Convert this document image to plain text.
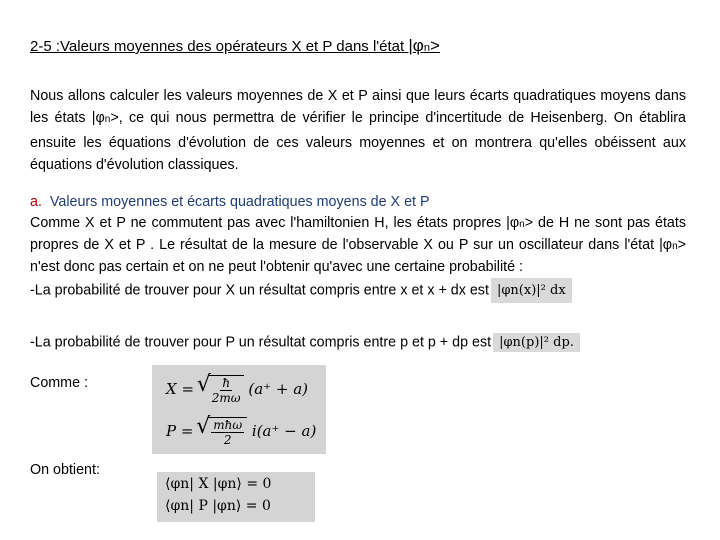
2-5 :Valeurs moyennes des opérateurs X et P dans l'état |φn>
Nous allons calculer les valeurs moyennes de X et P ainsi que leurs écarts quadratiques moyens dans les états |φn>, ce qui nous permettra de vérifier le principe d'incertitude de Heisenberg. On établira ensuite les équations d'évolution de ces valeurs moyennes et on montrera qu'elles obéissent aux équations d'évolution classiques.
a. Valeurs moyennes et écarts quadratiques moyens de X et P
Comme X et P ne commutent pas avec l'hamiltonien H, les états propres |φn> de H ne sont pas états propres de X et P . Le résultat de la mesure de l'observable X ou P sur un oscillateur dans l'état |φn> n'est donc pas certain et on ne peut l'obtenir qu'avec une certaine probabilité :
-La probabilité de trouver pour X un résultat compris entre x et x + dx est |φn(x)|² dx
-La probabilité de trouver pour P un résultat compris entre p et p + dp est |φn(p)|² dp.
Comme :	X = √ $\frac{ħ}{2m\omega} (a^+ + a)$
P = √ $\frac{\text{mħω}}{2} i(a^+ - a)$
On obtient:
⟨φn| X |φn⟩ = 0
⟨φn| P |φn⟩ = 0
